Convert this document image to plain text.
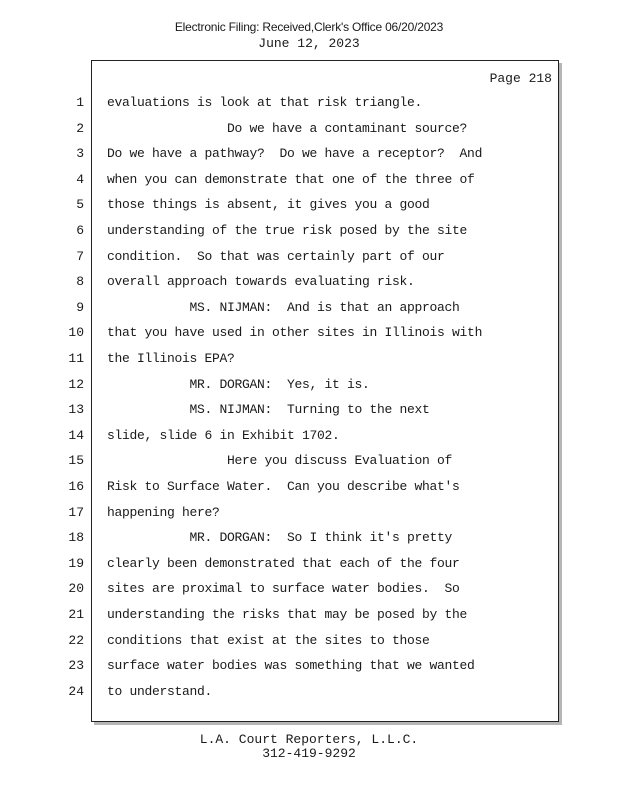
Electronic Filing: Received,Clerk's Office 06/20/2023
June 12, 2023
Page 218
1 evaluations is look at that risk triangle.
2 Do we have a contaminant source?
3 Do we have a pathway?  Do we have a receptor?  And
4 when you can demonstrate that one of the three of
5 those things is absent, it gives you a good
6 understanding of the true risk posed by the site
7 condition.  So that was certainly part of our
8 overall approach towards evaluating risk.
9 MS. NIJMAN:  And is that an approach
10 that you have used in other sites in Illinois with
11 the Illinois EPA?
12 MR. DORGAN:  Yes, it is.
13 MS. NIJMAN:  Turning to the next
14 slide, slide 6 in Exhibit 1702.
15 Here you discuss Evaluation of
16 Risk to Surface Water.  Can you describe what's
17 happening here?
18 MR. DORGAN:  So I think it's pretty
19 clearly been demonstrated that each of the four
20 sites are proximal to surface water bodies.  So
21 understanding the risks that may be posed by the
22 conditions that exist at the sites to those
23 surface water bodies was something that we wanted
24 to understand.
L.A. Court Reporters, L.L.C.
312-419-9292
